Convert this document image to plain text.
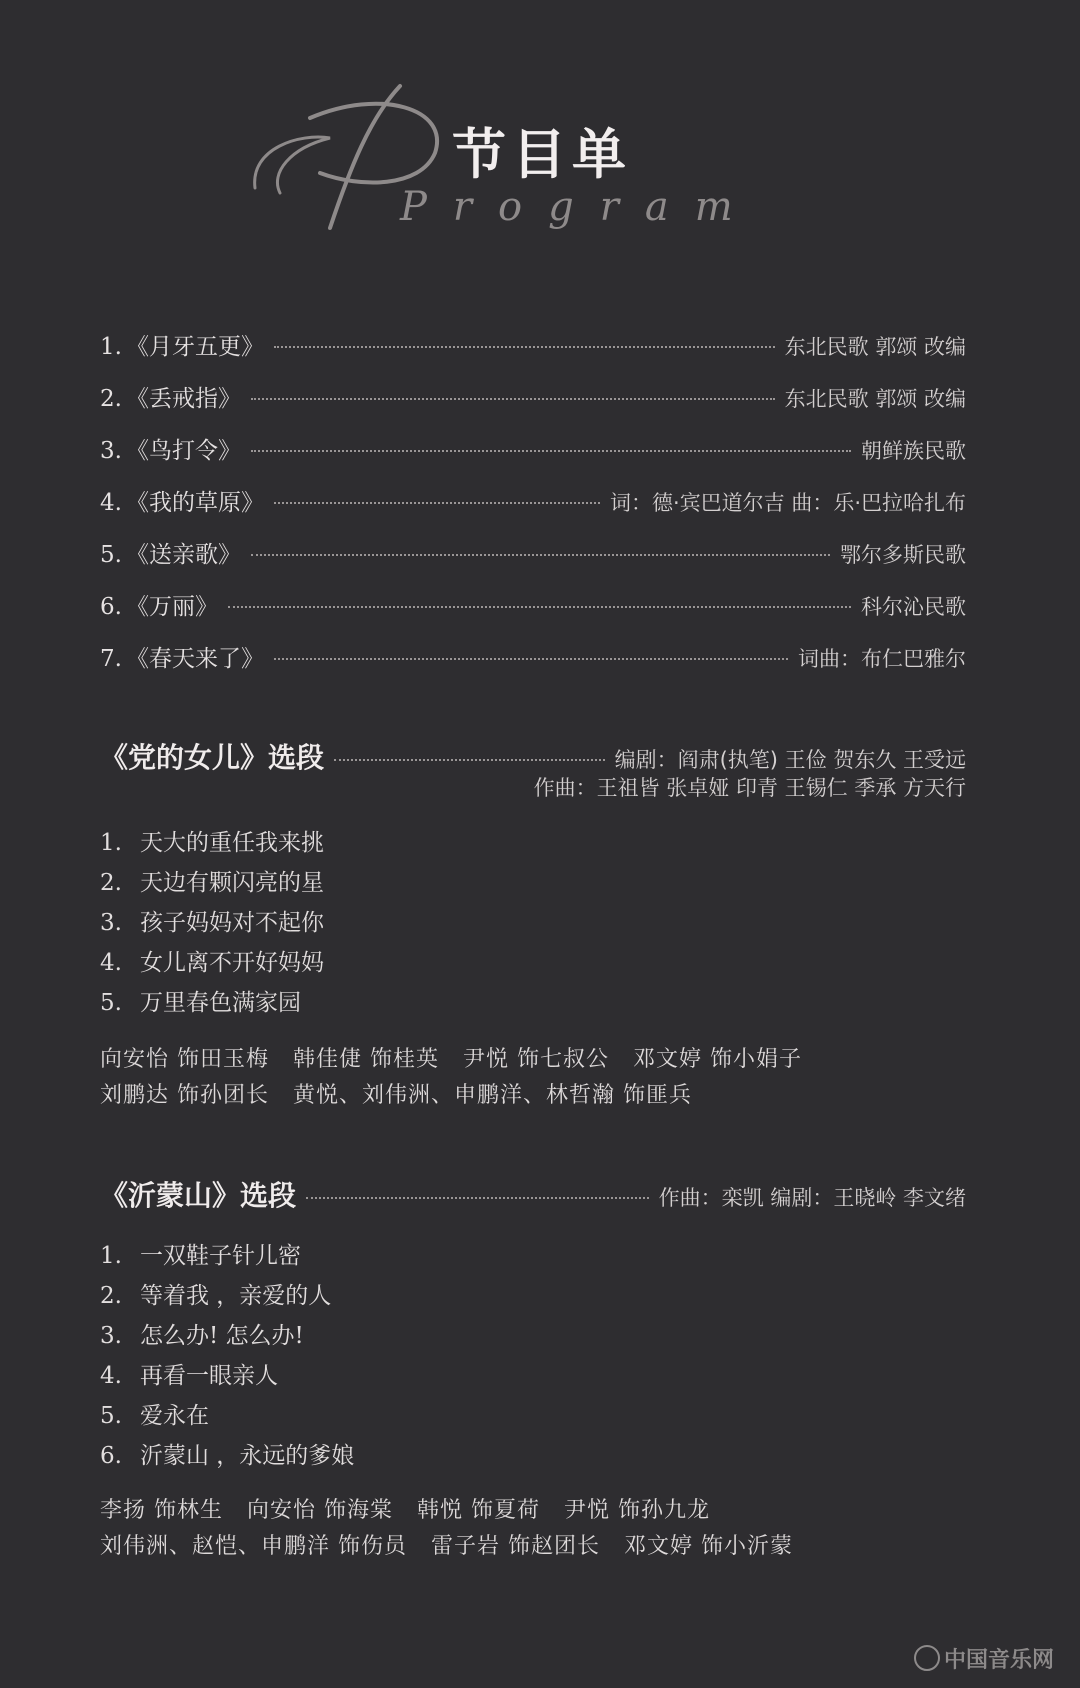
Program
节目单
1. 《月牙五更》	东北民歌 郭颂 改编
2. 《丢戒指》	东北民歌 郭颂 改编
3. 《鸟打令》	朝鲜族民歌
4. 《我的草原》	词：德·宾巴道尔吉 曲：乐·巴拉哈扎布
5. 《送亲歌》	鄂尔多斯民歌
6. 《万丽》	科尔沁民歌
7. 《春天来了》	词曲：布仁巴雅尔
《党的女儿》选段	编剧：阎肃(执笔) 王俭 贺东久 王受远
作曲：王祖皆 张卓娅 印青 王锡仁 季承 方天行
1. 天大的重任我来挑
2. 天边有颗闪亮的星
3. 孩子妈妈对不起你
4. 女儿离不开好妈妈
5. 万里春色满家园
向安怡 饰田玉梅 韩佳倢 饰桂英 尹悦 饰七叔公 邓文婷 饰小娟子
刘鹏达 饰孙团长 黄悦、刘伟洲、申鹏洋、林哲瀚 饰匪兵
《沂蒙山》选段	作曲：栾凯 编剧：王晓岭 李文绪
1. 一双鞋子针儿密
2. 等着我 ，亲爱的人
3. 怎么办! 怎么办!
4. 再看一眼亲人
5. 爱永在
6. 沂蒙山 ，永远的爹娘
李扬 饰林生 向安怡 饰海棠 韩悦 饰夏荷 尹悦 饰孙九龙
刘伟洲、赵恺、申鹏洋 饰伤员 雷子岩 饰赵团长 邓文婷 饰小沂蒙
中国音乐网
